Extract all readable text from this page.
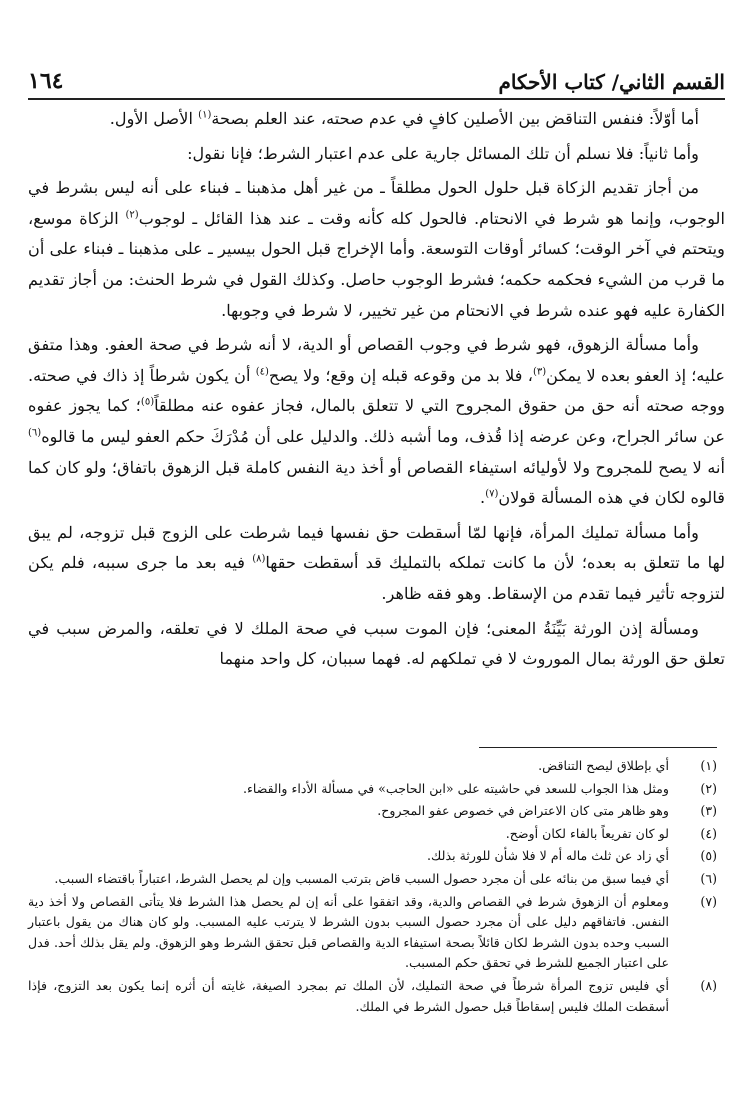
القسم الثاني/ كتاب الأحكام
١٦٤

أما أوّلاً: فنفس التناقض بين الأصلين كافٍ في عدم صحته، عند العلم بصحة$^{(١)}$ الأصل الأول.

وأما ثانياً: فلا نسلم أن تلك المسائل جارية على عدم اعتبار الشرط؛ فإنا نقول:

من أجاز تقديم الزكاة قبل حلول الحول مطلقاً ـ من غير أهل مذهبنا ـ فبناء على أنه ليس بشرط في الوجوب، وإنما هو شرط في الانحتام. فالحول كله كأنه وقت ـ عند هذا القائل ـ لوجوب$^{(٢)}$ الزكاة موسع، ويتحتم في آخر الوقت؛ كسائر أوقات التوسعة. وأما الإخراج قبل الحول بيسير ـ على مذهبنا ـ فبناء على أن ما قرب من الشيء فحكمه حكمه؛ فشرط الوجوب حاصل. وكذلك القول في شرط الحنث: من أجاز تقديم الكفارة عليه فهو عنده شرط في الانحتام من غير تخيير، لا شرط في وجوبها.

وأما مسألة الزهوق، فهو شرط في وجوب القصاص أو الدية، لا أنه شرط في صحة العفو. وهذا متفق عليه؛ إذ العفو بعده لا يمكن$^{(٣)}$، فلا بد من وقوعه قبله إن وقع؛ ولا يصح$^{(٤)}$ أن يكون شرطاً إذ ذاك في صحته. ووجه صحته أنه حق من حقوق المجروح التي لا تتعلق بالمال، فجاز عفوه عنه مطلقاً$^{(٥)}$؛ كما يجوز عفوه عن سائر الجراح، وعن عرضه إذا قُذف، وما أشبه ذلك. والدليل على أن مُدْرَكَ حكم العفو ليس ما قالوه$^{(٦)}$ أنه لا يصح للمجروح ولا لأوليائه استيفاء القصاص أو أخذ دية النفس كاملة قبل الزهوق باتفاق؛ ولو كان كما قالوه لكان في هذه المسألة قولان$^{(٧)}$.

وأما مسألة تمليك المرأة، فإنها لمّا أسقطت حق نفسها فيما شرطت على الزوج قبل تزوجه، لم يبق لها ما تتعلق به بعده؛ لأن ما كانت تملكه بالتمليك قد أسقطت حقها$^{(٨)}$ فيه بعد ما جرى سببه، فلم يكن لتزوجه تأثير فيما تقدم من الإسقاط. وهو فقه ظاهر.

ومسألة إذن الورثة بَيِّنَةُ المعنى؛ فإن الموت سبب في صحة الملك لا في تعلقه، والمرض سبب في تعلق حق الورثة بمال الموروث لا في تملكهم له. فهما سببان، كل واحد منهما

(١)
أي بإطلاق ليصح التناقض.
(٢)
ومثل هذا الجواب للسعد في حاشيته على «ابن الحاجب» في مسألة الأداء والقضاء.
(٣)
وهو ظاهر متى كان الاعتراض في خصوص عفو المجروح.
(٤)
لو كان تفريعاً بالفاء لكان أوضح.
(٥)
أي زاد عن ثلث ماله أم لا فلا شأن للورثة بذلك.
(٦)
أي فيما سبق من بنائه على أن مجرد حصول السبب قاض بترتب المسبب وإن لم يحصل الشرط، اعتباراً باقتضاء السبب.
(٧)
ومعلوم أن الزهوق شرط في القصاص والدية، وقد اتفقوا على أنه إن لم يحصل هذا الشرط فلا يتأتى القصاص ولا أخذ دية النفس. فاتفاقهم دليل على أن مجرد حصول السبب بدون الشرط لا يترتب عليه المسبب. ولو كان هناك من يقول باعتبار السبب وحده بدون الشرط لكان قائلاً بصحة استيفاء الدية والقصاص قبل تحقق الشرط وهو الزهوق. ولم يقل بذلك أحد. فدل على اعتبار الجميع للشرط في تحقق حكم المسبب.
(٨)
أي فليس تزوج المرأة شرطاً في صحة التمليك، لأن الملك تم بمجرد الصيغة، غايته أن أثره إنما يكون بعد التزوج، فإذا أسقطت الملك فليس إسقاطاً قبل حصول الشرط في الملك.
